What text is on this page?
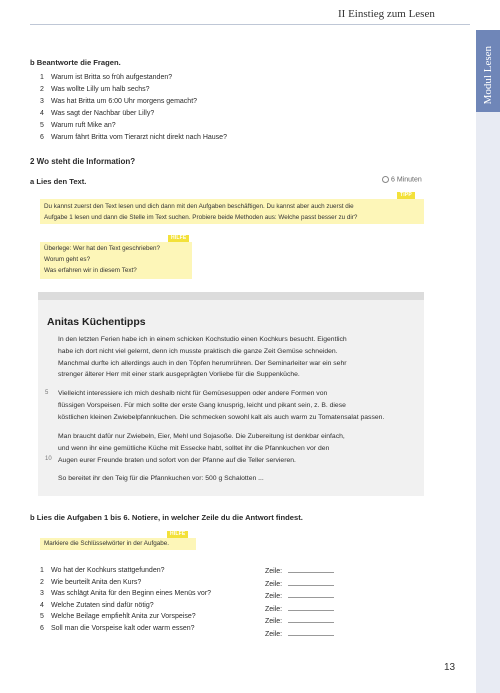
II Einstieg zum Lesen
Modul Lesen
b Beantworte die Fragen.
1 Warum ist Britta so früh aufgestanden?
2 Was wollte Lilly um halb sechs?
3 Was hat Britta um 6:00 Uhr morgens gemacht?
4 Was sagt der Nachbar über Lilly?
5 Warum ruft Mike an?
6 Warum fährt Britta vom Tierarzt nicht direkt nach Hause?
2 Wo steht die Information?
a Lies den Text.	6 Minuten
TIPP
Du kannst zuerst den Text lesen und dich dann mit den Aufgaben beschäftigen. Du kannst aber auch zuerst die
Aufgabe 1 lesen und dann die Stelle im Text suchen. Probiere beide Methoden aus: Welche passt besser zu dir?
HILFE
Überlege: Wer hat den Text geschrieben?
Worum geht es?
Was erfahren wir in diesem Text?
Anitas Küchentipps
In den letzten Ferien habe ich in einem schicken Kochstudio einen Kochkurs besucht. Eigentlich
habe ich dort nicht viel gelernt, denn ich musste praktisch die ganze Zeit Gemüse schneiden.
Manchmal durfte ich allerdings auch in den Töpfen herumrühren. Der Seminarleiter war ein sehr
strenger älterer Herr mit einer stark ausgeprägten Vorliebe für die Suppenküche.
5 Vielleicht interessiere ich mich deshalb nicht für Gemüsesuppen oder andere Formen von
flüssigen Vorspeisen. Für mich sollte der erste Gang knusprig, leicht und pikant sein, z. B. diese
köstlichen kleinen Zwiebelpfannkuchen. Die schmecken sowohl kalt als auch warm zu Tomatensalat passen.
Man braucht dafür nur Zwiebeln, Eier, Mehl und Sojasoße. Die Zubereitung ist denkbar einfach,
und wenn ihr eine gemütliche Küche mit Essecke habt, solltet ihr die Pfannkuchen vor den
Augen eurer Freunde braten und sofort von der Pfanne auf die Teller servieren.
10
So bereitet ihr den Teig für die Pfannkuchen vor: 500 g Schalotten ...
b Lies die Aufgaben 1 bis 6. Notiere, in welcher Zeile du die Antwort findest.
HILFE
Markiere die Schlüsselwörter in der Aufgabe.
1 Wo hat der Kochkurs stattgefunden?
2 Wie beurteilt Anita den Kurs?
3 Was schlägt Anita für den Beginn eines Menüs vor?
4 Welche Zutaten sind dafür nötig?
5 Welche Beilage empfiehlt Anita zur Vorspeise?
6 Soll man die Vorspeise kalt oder warm essen?
Zeile:
Zeile:
Zeile:
Zeile:
Zeile:
Zeile:
13
